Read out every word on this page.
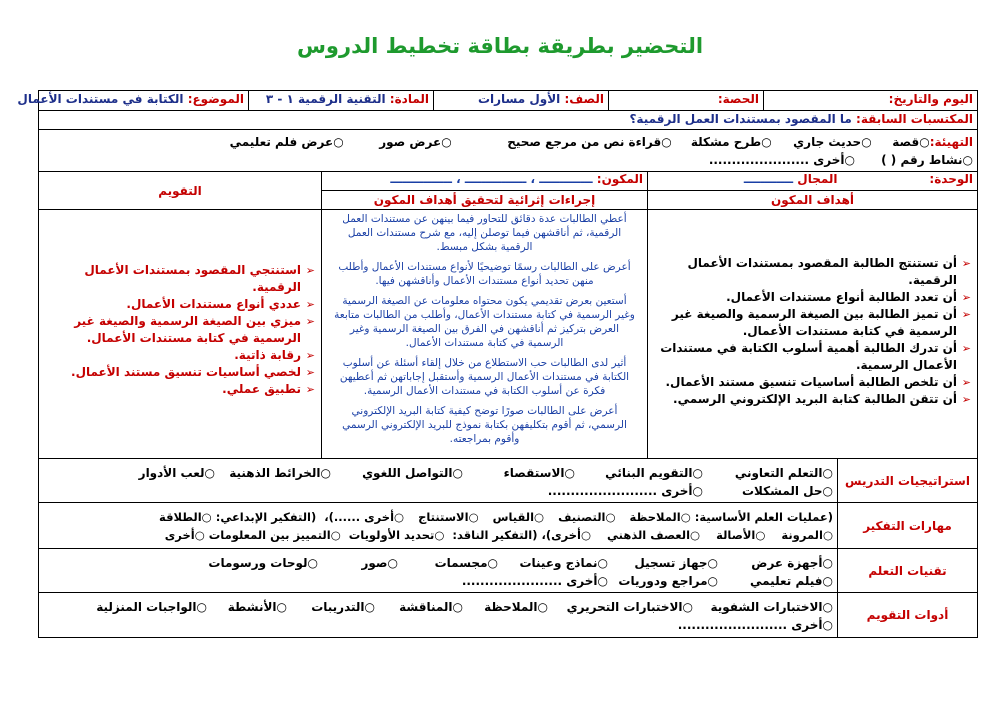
التحضير بطريقة بطاقة تخطيط الدروس
اليوم والتاريخ:
الحصة:
الصف: الأول مسارات
المادة: التقنية الرقمية ١ - ٣
الموضوع: الكتابة في مستندات الأعمال
المكتسبات السابقة: ما المقصود بمستندات العمل الرقمية؟
التهيئة:
○قصة
○حديث جاري
○طرح مشكلة
○قراءة نص من مرجع صحيح
○عرض صور
○عرض فلم تعليمي
○نشاط رقم ( )
○أخرى ......................
الوحدة:
المجال ــــــــــــ
أهداف المكون
المكون: ـــــــــــــ ، ـــــــــــــــ ، ـــــــــــــــ
إجراءات إثرائية لتحقيق أهداف المكون
التقويم
➢
أن تستنتج الطالبة المقصود بمستندات الأعمال الرقمية.
➢
أن تعدد الطالبة أنواع مستندات الأعمال.
➢
أن تميز الطالبة بين الصيغة الرسمية والصيغة غير الرسمية في كتابة مستندات الأعمال.
➢
أن تدرك الطالبة أهمية أسلوب الكتابة في مستندات الأعمال الرسمية.
➢
أن تلخص الطالبة أساسيات تنسيق مستند الأعمال.
➢
أن تتقن الطالبة كتابة البريد الإلكتروني الرسمي.
أعطي الطالبات عدة دقائق للتحاور فيما بينهن عن مستندات العمل الرقمية، ثم أناقشهن فيما توصلن إليه، مع شرح مستندات العمل الرقمية بشكل مبسط.
أعرض على الطالبات رسمًا توضيحيًا لأنواع مستندات الأعمال وأطلب منهن تحديد أنواع مستندات الأعمال وأناقشهن فيها.
أستعين بعرض تقديمي يكون محتواه معلومات عن الصيغة الرسمية وغير الرسمية في كتابة مستندات الأعمال، وأطلب من الطالبات متابعة العرض بتركيز ثم أناقشهن في الفرق بين الصيغة الرسمية وغير الرسمية في كتابة مستندات الأعمال.
أثير لدى الطالبات حب الاستطلاع من خلال إلقاء أسئلة عن أسلوب الكتابة في مستندات الأعمال الرسمية وأستقبل إجاباتهن ثم أعطيهن فكرة عن أسلوب الكتابة في مستندات الأعمال الرسمية.
أعرض على الطالبات صورًا توضح كيفية كتابة البريد الإلكتروني الرسمي، ثم أقوم بتكليفهن بكتابة نموذج للبريد الإلكتروني الرسمي وأقوم بمراجعته.
➢
استنتجي المقصود بمستندات الأعمال الرقمية.
➢
عددي أنواع مستندات الأعمال.
➢
ميزي بين الصيغة الرسمية والصيغة غير الرسمية في كتابة مستندات الأعمال.
➢
رقابة ذاتية.
➢
لخصي أساسيات تنسيق مستند الأعمال.
➢
تطبيق عملي.
استراتيجيات التدريس
○التعلم التعاوني
○التقويم البنائي
○الاستقصاء
○التواصل اللغوي
○الخرائط الذهنية
○لعب الأدوار
○حل المشكلات
○أخرى ........................
مهارات التفكير
(عمليات العلم الأساسية:
○الملاحظة
○التصنيف
○القياس
○الاستنتاج
○أخرى ......)،
(التفكير الإبداعي:
○الطلاقة
○المرونة
○الأصالة
○العصف الذهني
○أخرى)، (التفكير الناقد:
○تحديد الأولويات
○التمييز بين المعلومات
○أخرى
تقنيات التعلم
○أجهزة عرض
○جهاز تسجيل
○نماذج وعينات
○مجسمات
○صور
○لوحات ورسومات
○فيلم تعليمي
○مراجع ودوريات
○أخرى ......................
أدوات التقويم
○الاختبارات الشفوية
○الاختبارات التحريري
○الملاحظة
○المناقشة
○التدريبات
○الأنشطة
○الواجبات المنزلية
○أخرى ........................
